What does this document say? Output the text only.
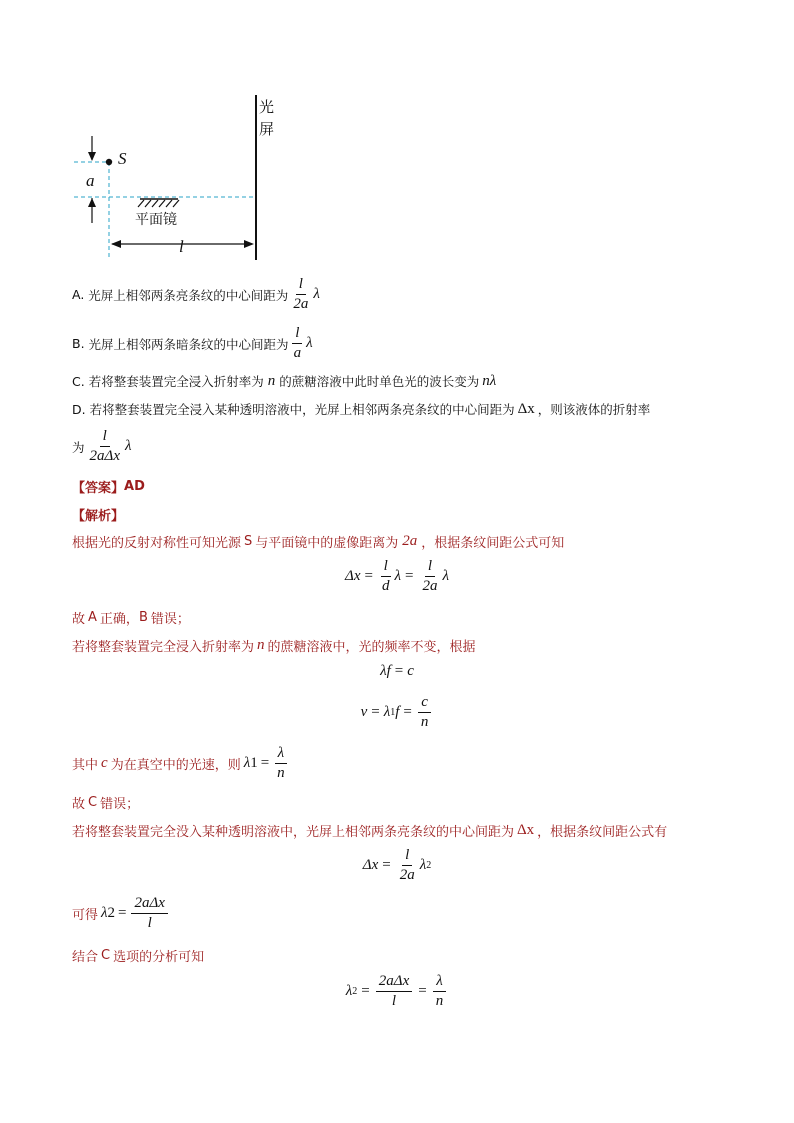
S
a
平面镜
l
光
屏
A.
光屏上相邻两条亮条纹的中心间距为 $\frac{l}{2a}$ λ
B.
光屏上相邻两条暗条纹的中心间距为 $\frac{l}{a}$ λ
C.
若将整套装置完全浸入折射率为 n 的蔗糖溶液中此时单色光的波长变为 nλ
D.
若将整套装置完全浸入某种透明溶液中，光屏上相邻两条亮条纹的中心间距为 Δx ，则该液体的折射率
为 $\frac{l}{\text{2aΔx}}$ λ
【答案】 AD
【解析】
根据光的反射对称性可知光源 S 与平面镜中的虚像距离为 2a ，根据条纹间距公式可知
$\Delta x = \frac{l}{d}$ $\lambda = \frac{l}{2a}$ λ
故 A 正确， B 错误；
若将整套装置完全浸入折射率为 n 的蔗糖溶液中，光的频率不变，根据
λf = c
v = λ 1 $f = \frac{c}{n}$
其中 c 为在真空中的光速，则 λ $1 = \frac{\lambda}{n}$
故 C 错误；
若将整套装置完全没入某种透明溶液中，光屏上相邻两条亮条纹的中心间距为 Δx ，根据条纹间距公式有
$\Delta x = \frac{l}{2a}$ λ 2
可得 λ $2 = \frac{\text{2aΔx}}{l}$
结合 C 选项的分析可知
λ $2 = \frac{\text{2aΔx}}{l} = \frac{\lambda}{n}$
